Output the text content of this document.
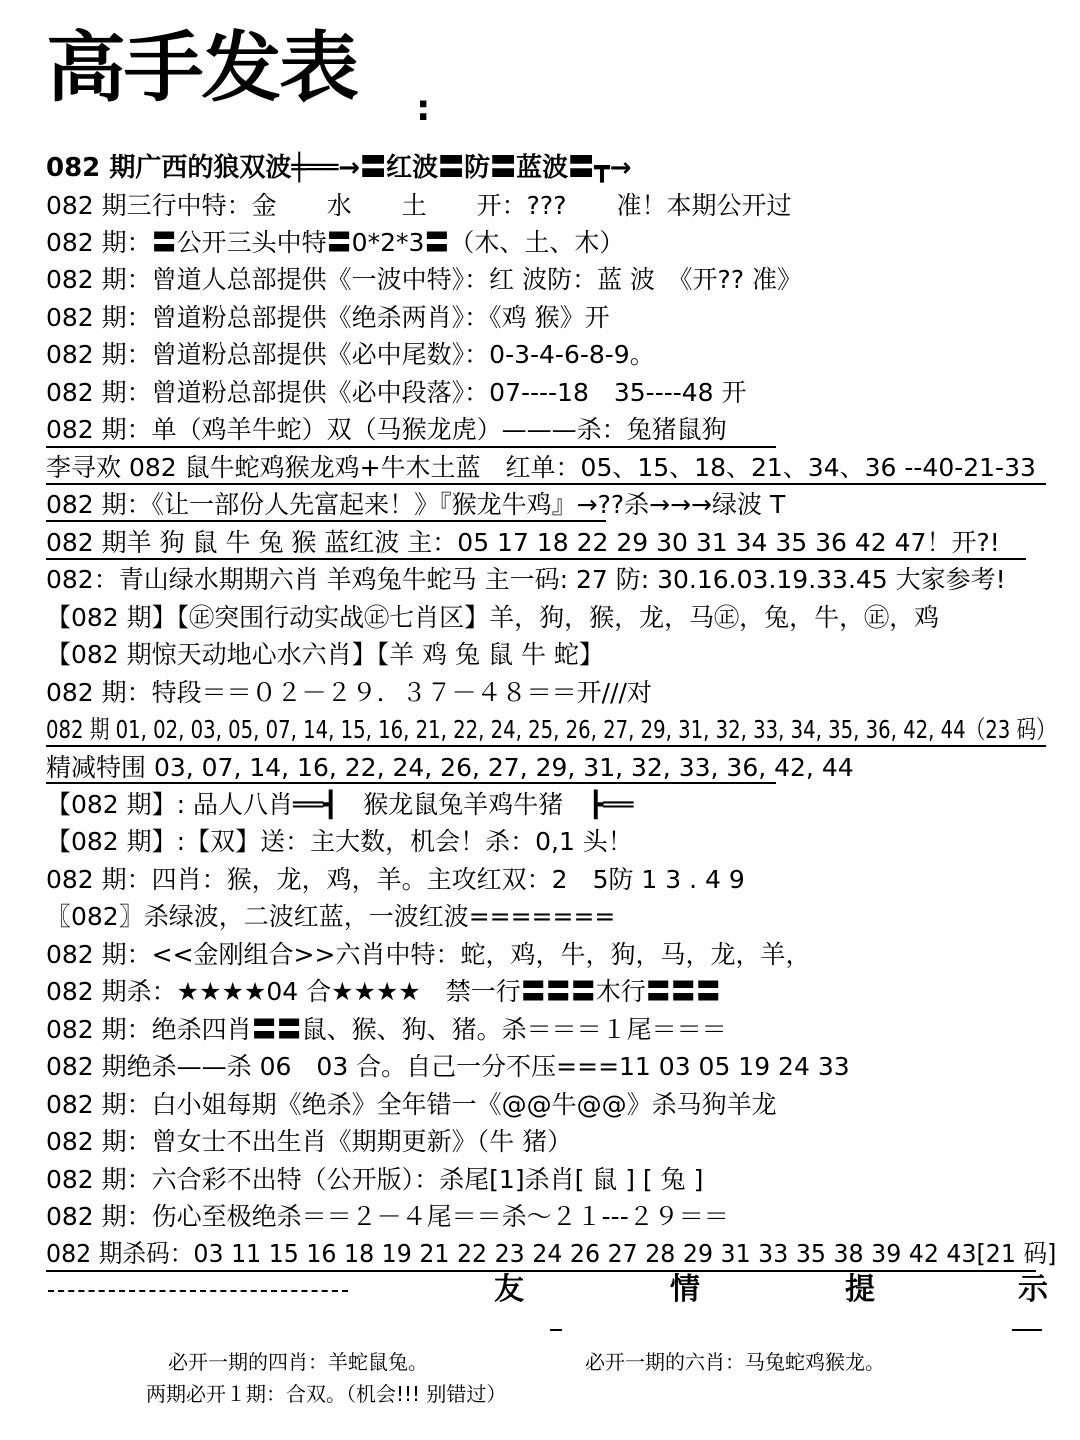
高手发表 :
082 期广西的狼双波╪══→〓红波〓防〓蓝波〓┳→
082 期三行中特：金　　水　　土　　开：???　　准！本期公开过
082 期：〓公开三头中特〓0*2*3〓（木、土、木）
082 期：曾道人总部提供《一波中特》：红 波防：蓝 波　《开?? 准》
082 期：曾道粉总部提供《绝杀两肖》：《鸡 猴》开
082 期：曾道粉总部提供《必中尾数》：0-3-4-6-8-9。
082 期：曾道粉总部提供《必中段落》：07----18　35----48 开
082 期：单（鸡羊牛蛇）双（马猴龙虎）———杀：兔猪鼠狗
李寻欢 082 鼠牛蛇鸡猴龙鸡+牛木土蓝　红单：05、15、18、21、34、36 --40-21-33
082 期：《让一部份人先富起来！》『猴龙牛鸡』→??杀→→→绿波 T
082 期羊 狗 鼠 牛 兔 猴 蓝红波 主：05 17 18 22 29 30 31 34 35 36 42 47！开?!
082：青山绿水期期六肖 羊鸡兔牛蛇马 主一码: 27 防: 30.16.03.19.33.45 大家参考!
【082 期】【㊣突围行动实战㊣七肖区】羊，狗，猴，龙，马㊣，兔，牛，㊣，鸡
【082 期惊天动地心水六肖】【羊 鸡 兔 鼠 牛 蛇】
082 期：特段＝＝０２－２９．３７－４８＝＝开///对
082 期 01, 02, 03, 05, 07, 14, 15, 16, 21, 22, 24, 25, 26, 27, 29, 31, 32, 33, 34, 35, 36, 42, 44（23 码）
精减特围 03, 07, 14, 16, 22, 24, 26, 27, 29, 31, 32, 33, 36, 42, 44
【082 期】: 品人八肖══┫　猴龙鼠兔羊鸡牛猪　┣══
【082 期】:【双】送：主大数，机会！杀：0,1 头！
082 期：四肖：猴，龙，鸡，羊。主攻红双：2　5防 1 3 . 4 9
〖082〗杀绿波，二波红蓝，一波红波=======
082 期：<<金刚组合>>六肖中特：蛇，鸡，牛，狗，马，龙，羊，
082 期杀：★★★★04 合★★★★　禁一行〓〓〓木行〓〓〓
082 期：绝杀四肖〓〓鼠、猴、狗、猪。杀＝＝＝１尾＝＝＝
082 期绝杀——杀 06　03 合。自己一分不压===11 03 05 19 24 33
082 期：白小姐每期《绝杀》全年错一《@@牛@@》杀马狗羊龙
082 期：曾女士不出生肖《期期更新》（牛 猪）
082 期：六合彩不出特（公开版）：杀尾[1]杀肖[ 鼠 ] [ 兔 ]
082 期：伤心至极绝杀＝＝２－４尾＝＝杀～２１---２９＝＝
082 期杀码：03 11 15 16 18 19 21 22 23 24 26 27 28 29 31 33 35 38 39 42 43[21 码]
友	情	提	示
必开一期的四肖：羊蛇鼠兔。	必开一期的六肖：马兔蛇鸡猴龙。
两期必开１期：合双。（机会!!! 别错过）
